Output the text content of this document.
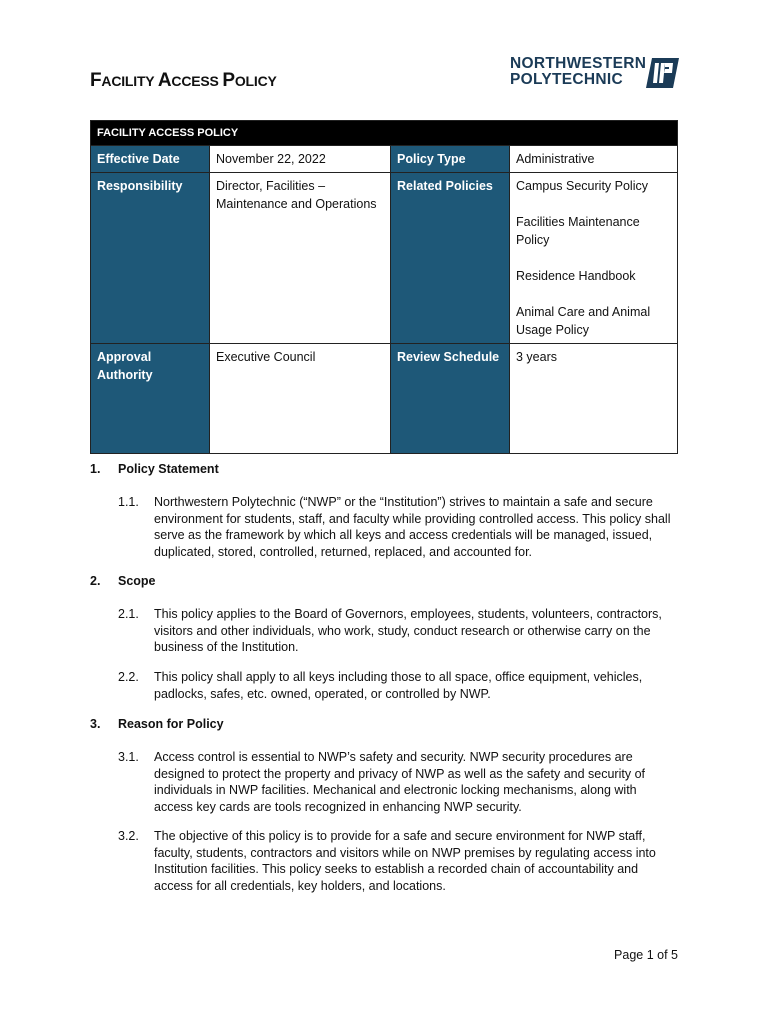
FACILITY ACCESS POLICY
NORTHWESTERN
POLYTECHNIC
FACILITY ACCESS POLICY			
Effective Date	November 22, 2022	Policy Type	Administrative
Responsibility	Director, Facilities – Maintenance and Operations	Related Policies	Campus Security Policy

Facilities Maintenance Policy

Residence Handbook

Animal Care and Animal Usage Policy

Approval Authority	Executive Council	Review Schedule	3 years
1. Policy Statement
1.1.	Northwestern Polytechnic (“NWP” or the “Institution”) strives to maintain a safe and secure environment for students, staff, and faculty while providing controlled access. This policy shall serve as the framework by which all keys and access credentials will be managed, issued, duplicated, stored, controlled, returned, replaced, and accounted for.
2. Scope
2.1.	This policy applies to the Board of Governors, employees, students, volunteers, contractors, visitors and other individuals, who work, study, conduct research or otherwise carry on the business of the Institution.
2.2.	This policy shall apply to all keys including those to all space, office equipment, vehicles, padlocks, safes, etc. owned, operated, or controlled by NWP.
3. Reason for Policy
3.1.	Access control is essential to NWP’s safety and security. NWP security procedures are designed to protect the property and privacy of NWP as well as the safety and security of individuals in NWP facilities. Mechanical and electronic locking mechanisms, along with access key cards are tools recognized in enhancing NWP security.
3.2.	The objective of this policy is to provide for a safe and secure environment for NWP staff, faculty, students, contractors and visitors while on NWP premises by regulating access into Institution facilities. This policy seeks to establish a recorded chain of accountability and access for all credentials, key holders, and locations.
Page 1 of 5
